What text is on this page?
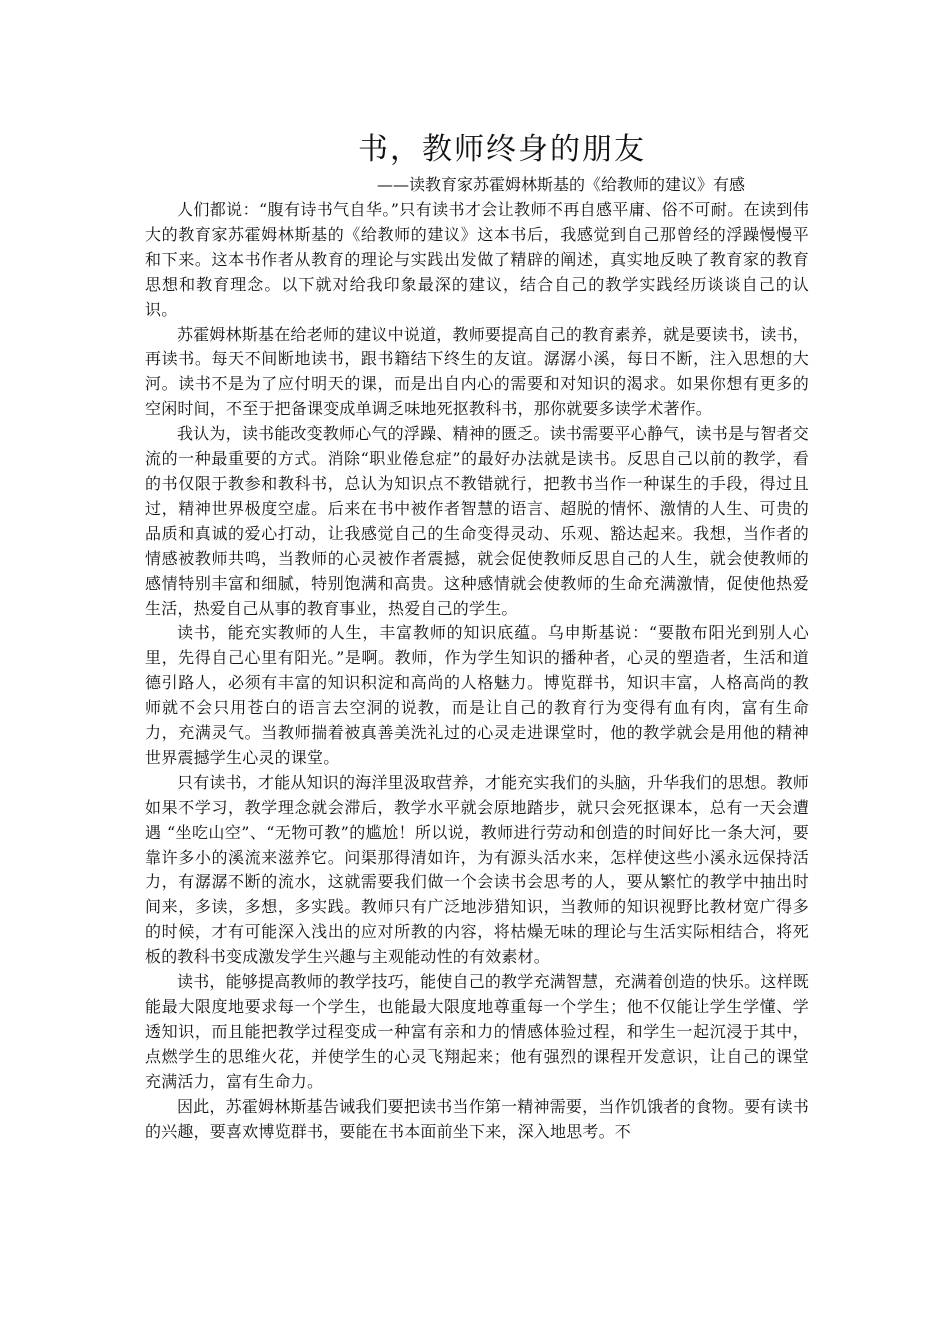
书，教师终身的朋友
——读教育家苏霍姆林斯基的《给教师的建议》有感

人们都说：“腹有诗书气自华。”只有读书才会让教师不再自感平庸、俗不可耐。在读到伟大的教育家苏霍姆林斯基的《给教师的建议》这本书后，我感觉到自己那曾经的浮躁慢慢平和下来。这本书作者从教育的理论与实践出发做了精辟的阐述，真实地反映了教育家的教育思想和教育理念。以下就对给我印象最深的建议，结合自己的教学实践经历谈谈自己的认识。

苏霍姆林斯基在给老师的建议中说道，教师要提高自己的教育素养，就是要读书，读书，再读书。每天不间断地读书，跟书籍结下终生的友谊。潺潺小溪，每日不断，注入思想的大河。读书不是为了应付明天的课，而是出自内心的需要和对知识的渴求。如果你想有更多的空闲时间，不至于把备课变成单调乏味地死抠教科书，那你就要多读学术著作。

我认为，读书能改变教师心气的浮躁、精神的匮乏。读书需要平心静气，读书是与智者交流的一种最重要的方式。消除“职业倦怠症”的最好办法就是读书。反思自己以前的教学，看的书仅限于教参和教科书，总认为知识点不教错就行，把教书当作一种谋生的手段，得过且过，精神世界极度空虚。后来在书中被作者智慧的语言、超脱的情怀、激情的人生、可贵的品质和真诚的爱心打动，让我感觉自己的生命变得灵动、乐观、豁达起来。我想，当作者的情感被教师共鸣，当教师的心灵被作者震撼，就会促使教师反思自己的人生，就会使教师的感情特别丰富和细腻，特别饱满和高贵。这种感情就会使教师的生命充满激情，促使他热爱生活，热爱自己从事的教育事业，热爱自己的学生。

读书，能充实教师的人生，丰富教师的知识底蕴。乌申斯基说：“要散布阳光到别人心里，先得自己心里有阳光。”是啊。教师，作为学生知识的播种者，心灵的塑造者，生活和道德引路人，必须有丰富的知识积淀和高尚的人格魅力。博览群书，知识丰富，人格高尚的教师就不会只用苍白的语言去空洞的说教，而是让自己的教育行为变得有血有肉，富有生命力，充满灵气。当教师揣着被真善美洗礼过的心灵走进课堂时，他的教学就会是用他的精神世界震撼学生心灵的课堂。

只有读书，才能从知识的海洋里汲取营养，才能充实我们的头脑，升华我们的思想。教师如果不学习，教学理念就会滞后，教学水平就会原地踏步，就只会死抠课本，总有一天会遭遇 “坐吃山空”、“无物可教”的尴尬！所以说，教师进行劳动和创造的时间好比一条大河，要靠许多小的溪流来滋养它。问渠那得清如许，为有源头活水来，怎样使这些小溪永远保持活力，有潺潺不断的流水，这就需要我们做一个会读书会思考的人，要从繁忙的教学中抽出时间来，多读，多想，多实践。教师只有广泛地涉猎知识，当教师的知识视野比教材宽广得多的时候，才有可能深入浅出的应对所教的内容，将枯燥无味的理论与生活实际相结合，将死板的教科书变成激发学生兴趣与主观能动性的有效素材。

读书，能够提高教师的教学技巧，能使自己的教学充满智慧，充满着创造的快乐。这样既能最大限度地要求每一个学生，也能最大限度地尊重每一个学生；他不仅能让学生学懂、学透知识，而且能把教学过程变成一种富有亲和力的情感体验过程，和学生一起沉浸于其中，点燃学生的思维火花，并使学生的心灵飞翔起来；他有强烈的课程开发意识，让自己的课堂充满活力，富有生命力。

因此，苏霍姆林斯基告诫我们要把读书当作第一精神需要，当作饥饿者的食物。要有读书的兴趣，要喜欢博览群书，要能在书本面前坐下来，深入地思考。不
